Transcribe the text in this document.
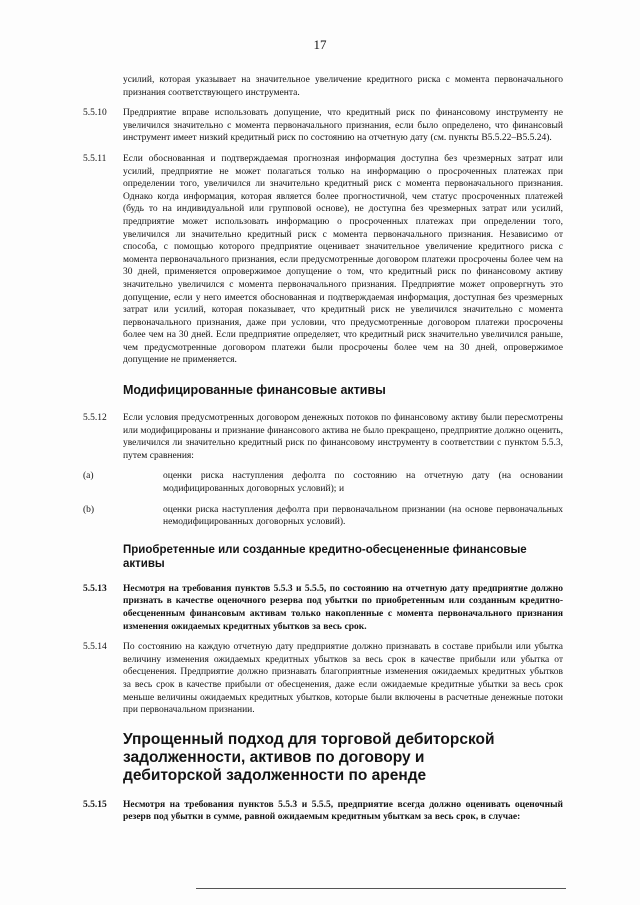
17
усилий, которая указывает на значительное увеличение кредитного риска с момента первоначального признания соответствующего инструмента.
5.5.10 Предприятие вправе использовать допущение, что кредитный риск по финансовому инструменту не увеличился значительно с момента первоначального признания, если было определено, что финансовый инструмент имеет низкий кредитный риск по состоянию на отчетную дату (см. пункты B5.5.22–B5.5.24).
5.5.11 Если обоснованная и подтверждаемая прогнозная информация доступна без чрезмерных затрат или усилий, предприятие не может полагаться только на информацию о просроченных платежах при определении того, увеличился ли значительно кредитный риск с момента первоначального признания. Однако когда информация, которая является более прогностичной, чем статус просроченных платежей (будь то на индивидуальной или групповой основе), не доступна без чрезмерных затрат или усилий, предприятие может использовать информацию о просроченных платежах при определении того, увеличился ли значительно кредитный риск с момента первоначального признания. Независимо от способа, с помощью которого предприятие оценивает значительное увеличение кредитного риска с момента первоначального признания, если предусмотренные договором платежи просрочены более чем на 30 дней, применяется опровержимое допущение о том, что кредитный риск по финансовому активу значительно увеличился с момента первоначального признания. Предприятие может опровергнуть это допущение, если у него имеется обоснованная и подтверждаемая информация, доступная без чрезмерных затрат или усилий, которая показывает, что кредитный риск не увеличился значительно с момента первоначального признания, даже при условии, что предусмотренные договором платежи просрочены более чем на 30 дней. Если предприятие определяет, что кредитный риск значительно увеличился раньше, чем предусмотренные договором платежи были просрочены более чем на 30 дней, опровержимое допущение не применяется.
Модифицированные финансовые активы
5.5.12 Если условия предусмотренных договором денежных потоков по финансовому активу были пересмотрены или модифицированы и признание финансового актива не было прекращено, предприятие должно оценить, увеличился ли значительно кредитный риск по финансовому инструменту в соответствии с пунктом 5.5.3, путем сравнения:
(a)	оценки риска наступления дефолта по состоянию на отчетную дату (на основании модифицированных договорных условий); и
(b)	оценки риска наступления дефолта при первоначальном признании (на основе первоначальных немодифицированных договорных условий).
Приобретенные или созданные кредитно-обесцененные финансовые активы
5.5.13 Несмотря на требования пунктов 5.5.3 и 5.5.5, по состоянию на отчетную дату предприятие должно признать в качестве оценочного резерва под убытки по приобретенным или созданным кредитно-обесцененным финансовым активам только накопленные с момента первоначального признания изменения ожидаемых кредитных убытков за весь срок.
5.5.14 По состоянию на каждую отчетную дату предприятие должно признавать в составе прибыли или убытка величину изменения ожидаемых кредитных убытков за весь срок в качестве прибыли или убытка от обесценения. Предприятие должно признавать благоприятные изменения ожидаемых кредитных убытков за весь срок в качестве прибыли от обесценения, даже если ожидаемые кредитные убытки за весь срок меньше величины ожидаемых кредитных убытков, которые были включены в расчетные денежные потоки при первоначальном признании.
Упрощенный подход для торговой дебиторской задолженности, активов по договору и дебиторской задолженности по аренде
5.5.15 Несмотря на требования пунктов 5.5.3 и 5.5.5, предприятие всегда должно оценивать оценочный резерв под убытки в сумме, равной ожидаемым кредитным убыткам за весь срок, в случае:
